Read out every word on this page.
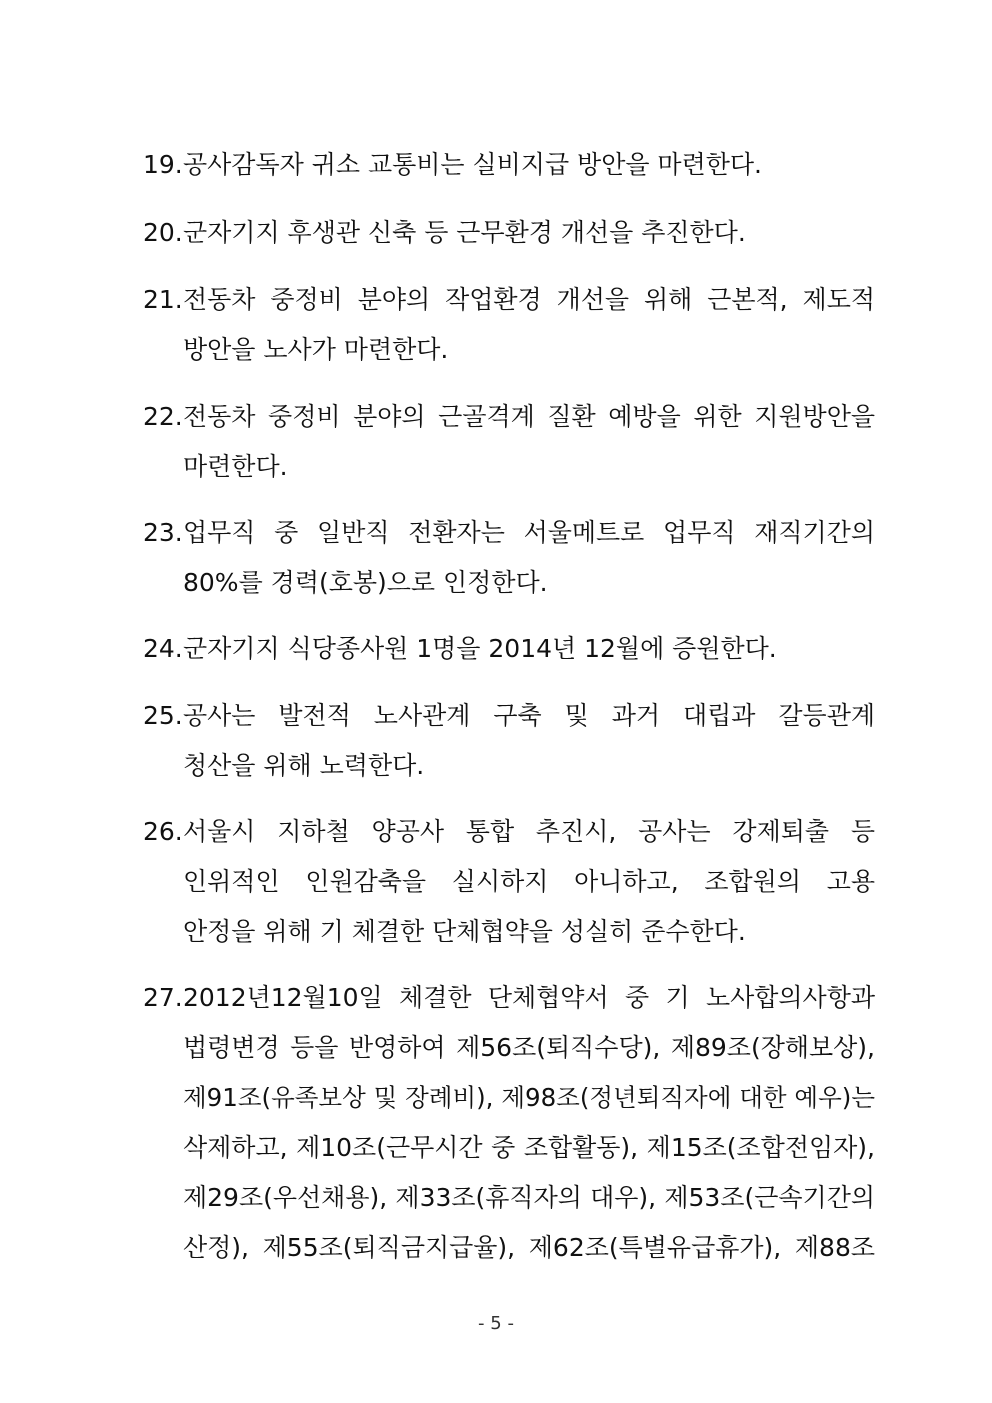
19. 공사감독자 귀소 교통비는 실비지급 방안을 마련한다.
20. 군자기지 후생관 신축 등 근무환경 개선을 추진한다.
21. 전동차 중정비 분야의 작업환경 개선을 위해 근본적, 제도적
방안을 노사가 마련한다.
22. 전동차 중정비 분야의 근골격계 질환 예방을 위한 지원방안을
마련한다.
23. 업무직 중 일반직 전환자는 서울메트로 업무직 재직기간의
80%를 경력(호봉)으로 인정한다.
24. 군자기지 식당종사원 1명을 2014년 12월에 증원한다.
25. 공사는 발전적 노사관계 구축 및 과거 대립과 갈등관계
청산을 위해 노력한다.
26. 서울시 지하철 양공사 통합 추진시, 공사는 강제퇴출 등
인위적인 인원감축을 실시하지 아니하고, 조합원의 고용
안정을 위해 기 체결한 단체협약을 성실히 준수한다.
27. 2012년12월10일 체결한 단체협약서 중 기 노사합의사항과
법령변경 등을 반영하여 제56조(퇴직수당), 제89조(장해보상),
제91조(유족보상 및 장례비), 제98조(정년퇴직자에 대한 예우)는
삭제하고, 제10조(근무시간 중 조합활동), 제15조(조합전임자),
제29조(우선채용), 제33조(휴직자의 대우), 제53조(근속기간의
산정), 제55조(퇴직금지급율), 제62조(특별유급휴가), 제88조
- 5 -
